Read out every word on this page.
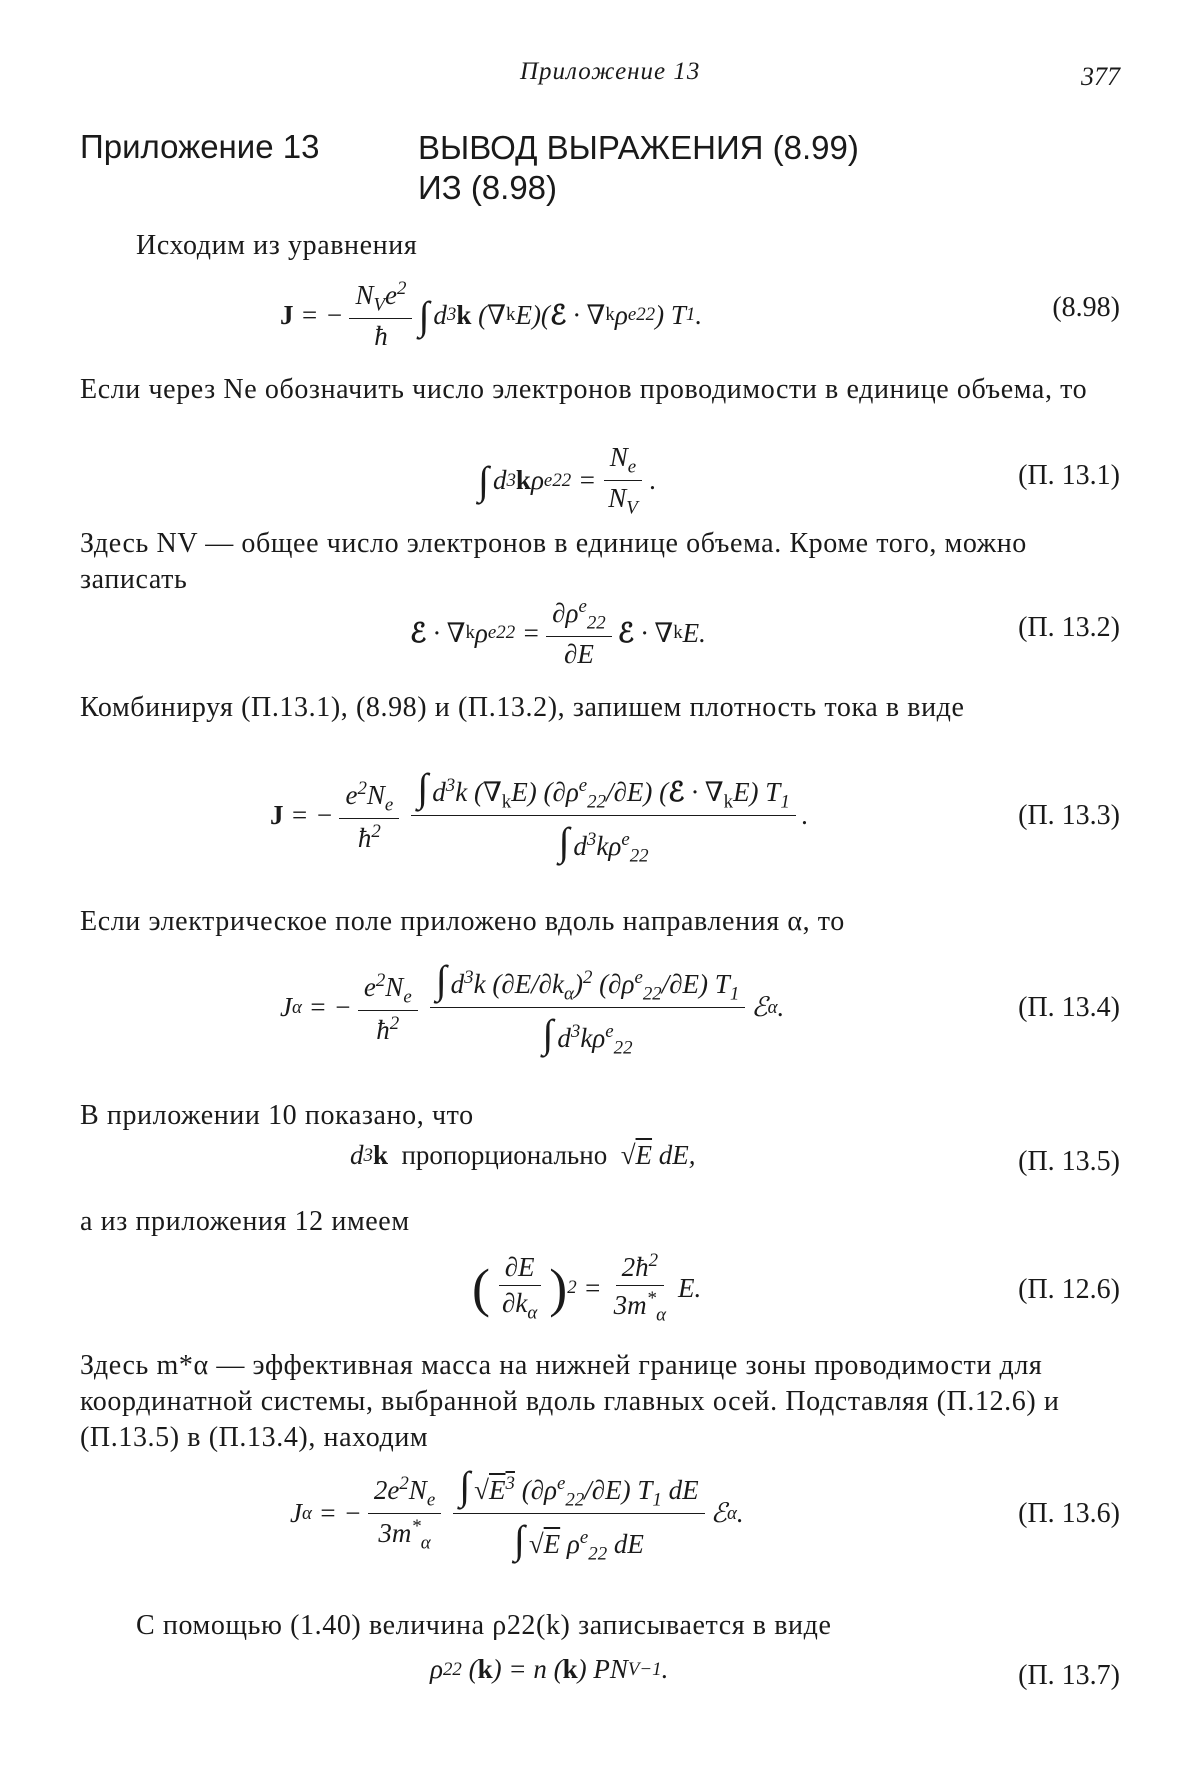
Приложение 13	377
Приложение 13	ВЫВОД ВЫРАЖЕНИЯ (8.99)
ИЗ (8.98)
Исходим из уравнения
J = − $\frac{N_Ve^2}{ħ}$ ∫ d 3 k (∇ k E)( ℰ · ∇ k ρ e 22 ) T 1 .	(8.98)
Если через Ne обозначить число электронов проводимости в единице объема, то
∫ d 3 k ρ e $22 = \frac{N_e}{N_V}$ .	(П. 13.1)
Здесь NV — общее число электронов в единице объема. Кроме того, можно записать
ℰ · ∇ k ρ e $22 = \frac{\partial\rho^e_{22}}{\partial E}$ ℰ · ∇ k E.	(П. 13.2)
Комбинируя (П.13.1), (8.98) и (П.13.2), запишем плотность тока в виде
J = − $\frac{e^2N_e}{ħ^2} \frac{\int d^3k (\nabla_kE) (\partial\rho^e_{22}/\partial E) (ℰ \cdot \nabla_kE) T_1}{\int d^3k\rho^e_{22}}$ .	(П. 13.3)
Если электрическое поле приложено вдоль направления α, то
J α = − $\frac{e^2N_e}{ħ^2} \frac{\int d^3k (\partial E/\partial k_\alpha)^2 (\partial\rho^e_{22}/\partial E) T_1}{\int d^3k\rho^e_{22}}$ ℰ α .	(П. 13.4)
В приложении 10 показано, что
d 3 k
пропорционально √ E dE,	(П. 13.5)
а из приложения 12 имеем
( $\frac{\partial E}{\partial k_\alpha}$ ) $2 = \frac{2ħ^2}{3m^*_\alpha} E$.	(П. 12.6)
Здесь m*α — эффективная масса на нижней границе зоны проводимости для координатной системы, выбранной вдоль главных осей. Подставляя (П.12.6) и (П.13.5) в (П.13.4), находим
J α = − $\frac{2e^2N_e}{3m^*_\alpha} \frac{\int √E^3 (\partial\rho^e_{22}/\partial E) T_1 dE}{\int √E \rho^e_{22} dE}$ ℰ α .	(П. 13.6)
С помощью (1.40) величина ρ22(k) записывается в виде
ρ 22 ( k ) = n ( k ) PN V −1 .	(П. 13.7)
